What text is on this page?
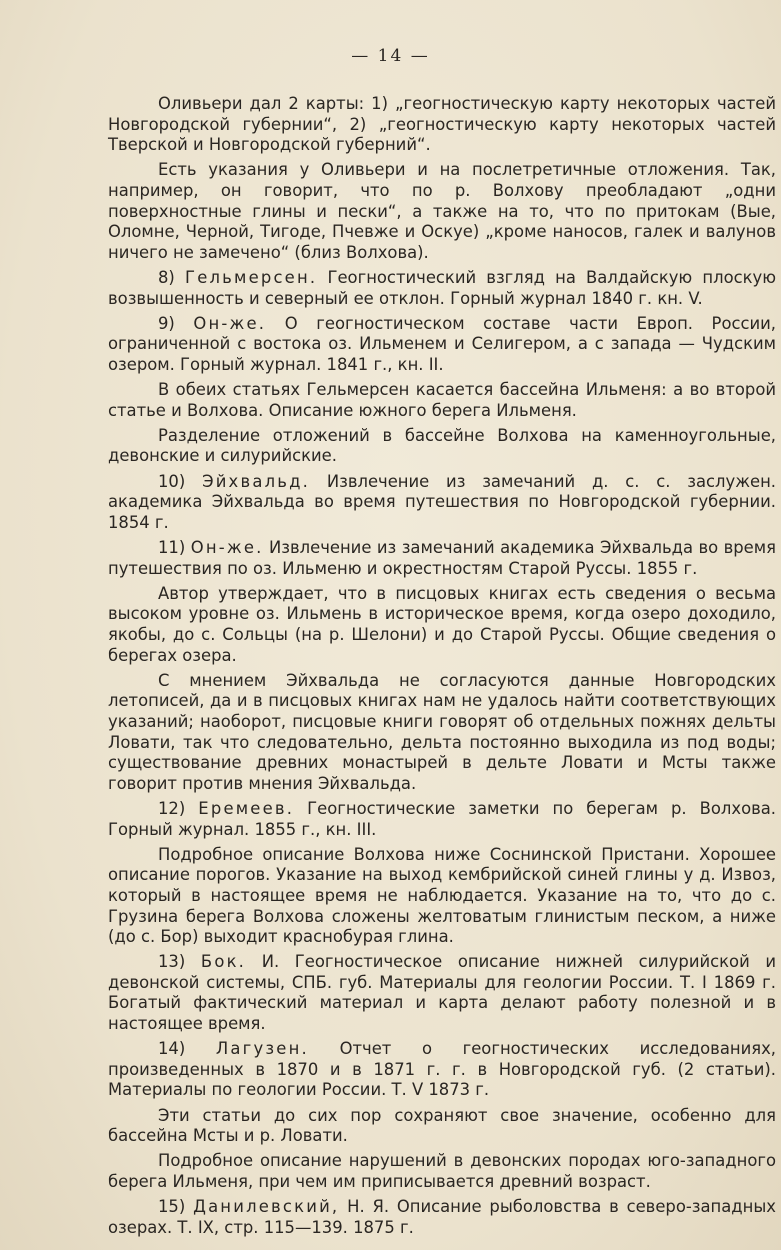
— 14 —

Оливьери дал 2 карты: 1) „геогностическую карту некоторых частей Новгородской губернии“, 2) „геогностическую карту некоторых частей Тверской и Новгородской губерний“.

Есть указания у Оливьери и на послетретичные отложения. Так, например, он говорит, что по р. Волхову преобладают „одни поверхностные глины и пески“, а также на то, что по притокам (Вые, Оломне, Черной, Тигоде, Пчевже и Оскуе) „кроме наносов, галек и валунов ничего не замечено“ (близ Волхова).

8) Гельмерсен. Геогностический взгляд на Валдайскую плоскую возвышенность и северный ее отклон. Горный журнал 1840 г. кн. V.

9) Он-же. О геогностическом составе части Европ. России, ограниченной с востока оз. Ильменем и Селигером, а с запада — Чудским озером. Горный журнал. 1841 г., кн. II.

В обеих статьях Гельмерсен касается бассейна Ильменя: а во второй статье и Волхова. Описание южного берега Ильменя.

Разделение отложений в бассейне Волхова на каменноугольные, девонские и силурийские.

10) Эйхвальд. Извлечение из замечаний д. с. с. заслужен. академика Эйхвальда во время путешествия по Новгородской губернии. 1854 г.

11) Он-же. Извлечение из замечаний академика Эйхвальда во время путешествия по оз. Ильменю и окрестностям Старой Руссы. 1855 г.

Автор утверждает, что в писцовых книгах есть сведения о весьма высоком уровне оз. Ильмень в историческое время, когда озеро доходило, якобы, до с. Сольцы (на р. Шелони) и до Старой Руссы. Общие сведения о берегах озера.

С мнением Эйхвальда не согласуются данные Новгородских летописей, да и в писцовых книгах нам не удалось найти соответствующих указаний; наоборот, писцовые книги говорят об отдельных пожнях дельты Ловати, так что следовательно, дельта постоянно выходила из под воды; существование древних монастырей в дельте Ловати и Мсты также говорит против мнения Эйхвальда.

12) Еремеев. Геогностические заметки по берегам р. Волхова. Горный журнал. 1855 г., кн. III.

Подробное описание Волхова ниже Соснинской Пристани. Хорошее описание порогов. Указание на выход кембрийской синей глины у д. Извоз, который в настоящее время не наблюдается. Указание на то, что до с. Грузина берега Волхова сложены желтоватым глинистым песком, а ниже (до с. Бор) выходит краснобурая глина.

13) Бок. И. Геогностическое описание нижней силурийской и девонской системы, СПБ. губ. Материалы для геологии России. Т. I 1869 г. Богатый фактический материал и карта делают работу полезной и в настоящее время.

14) Лагузен. Отчет о геогностических исследованиях, произведенных в 1870 и в 1871 г. г. в Новгородской губ. (2 статьи). Материалы по геологии России. Т. V 1873 г.

Эти статьи до сих пор сохраняют свое значение, особенно для бассейна Мсты и р. Ловати.

Подробное описание нарушений в девонских породах юго-западного берега Ильменя, при чем им приписывается древний возраст.

15) Данилевский, Н. Я. Описание рыболовства в северо-западных озерах. Т. IX, стр. 115—139. 1875 г.
